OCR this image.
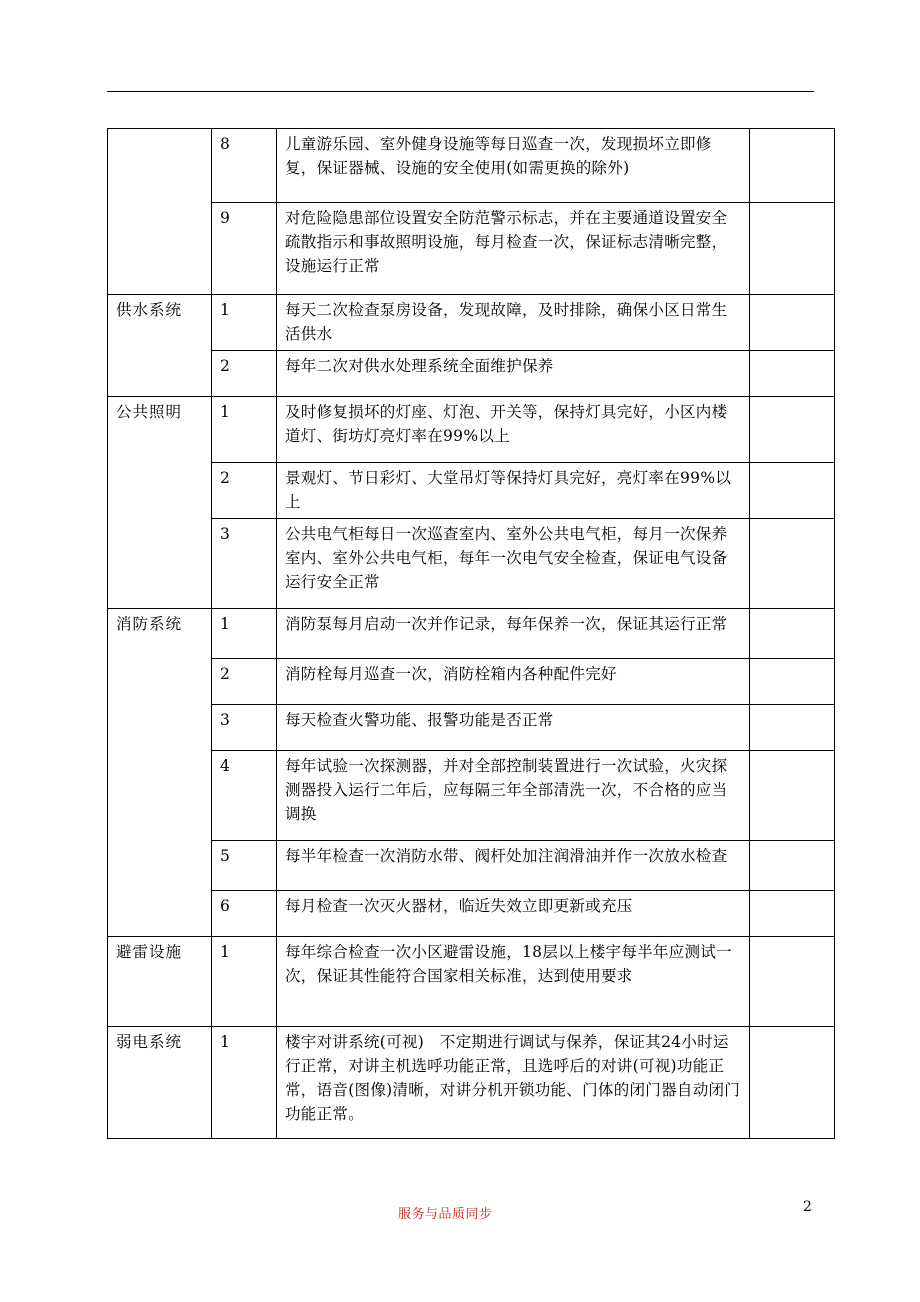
	8	儿童游乐园、室外健身设施等每日巡查一次，发现损坏立即修复，保证器械、设施的安全使用(如需更换的除外)	
	9	对危险隐患部位设置安全防范警示标志，并在主要通道设置安全疏散指示和事故照明设施，每月检查一次，保证标志清晰完整，设施运行正常	
供水系统	1	每天二次检查泵房设备，发现故障，及时排除，确保小区日常生活供水	
	2	每年二次对供水处理系统全面维护保养	
公共照明	1	及时修复损坏的灯座、灯泡、开关等，保持灯具完好，小区内楼道灯、街坊灯亮灯率在99%以上	
	2	景观灯、节日彩灯、大堂吊灯等保持灯具完好，亮灯率在99%以上	
	3	公共电气柜每日一次巡查室内、室外公共电气柜，每月一次保养室内、室外公共电气柜，每年一次电气安全检查，保证电气设备运行安全正常	
消防系统	1	消防泵每月启动一次并作记录，每年保养一次，保证其运行正常	
	2	消防栓每月巡查一次，消防栓箱内各种配件完好	
	3	每天检查火警功能、报警功能是否正常	
	4	每年试验一次探测器，并对全部控制装置进行一次试验，火灾探测器投入运行二年后，应每隔三年全部清洗一次，不合格的应当调换	
	5	每半年检查一次消防水带、阀杆处加注润滑油并作一次放水检查	
	6	每月检查一次灭火器材，临近失效立即更新或充压	
避雷设施	1	每年综合检查一次小区避雷设施，18层以上楼宇每半年应测试一次，保证其性能符合国家相关标准，达到使用要求	
弱电系统	1	楼宇对讲系统(可视)　不定期进行调试与保养，保证其24小时运行正常，对讲主机选呼功能正常，且选呼后的对讲(可视)功能正常，语音(图像)清晰，对讲分机开锁功能、门体的闭门器自动闭门功能正常。	
2
服务与品质同步
